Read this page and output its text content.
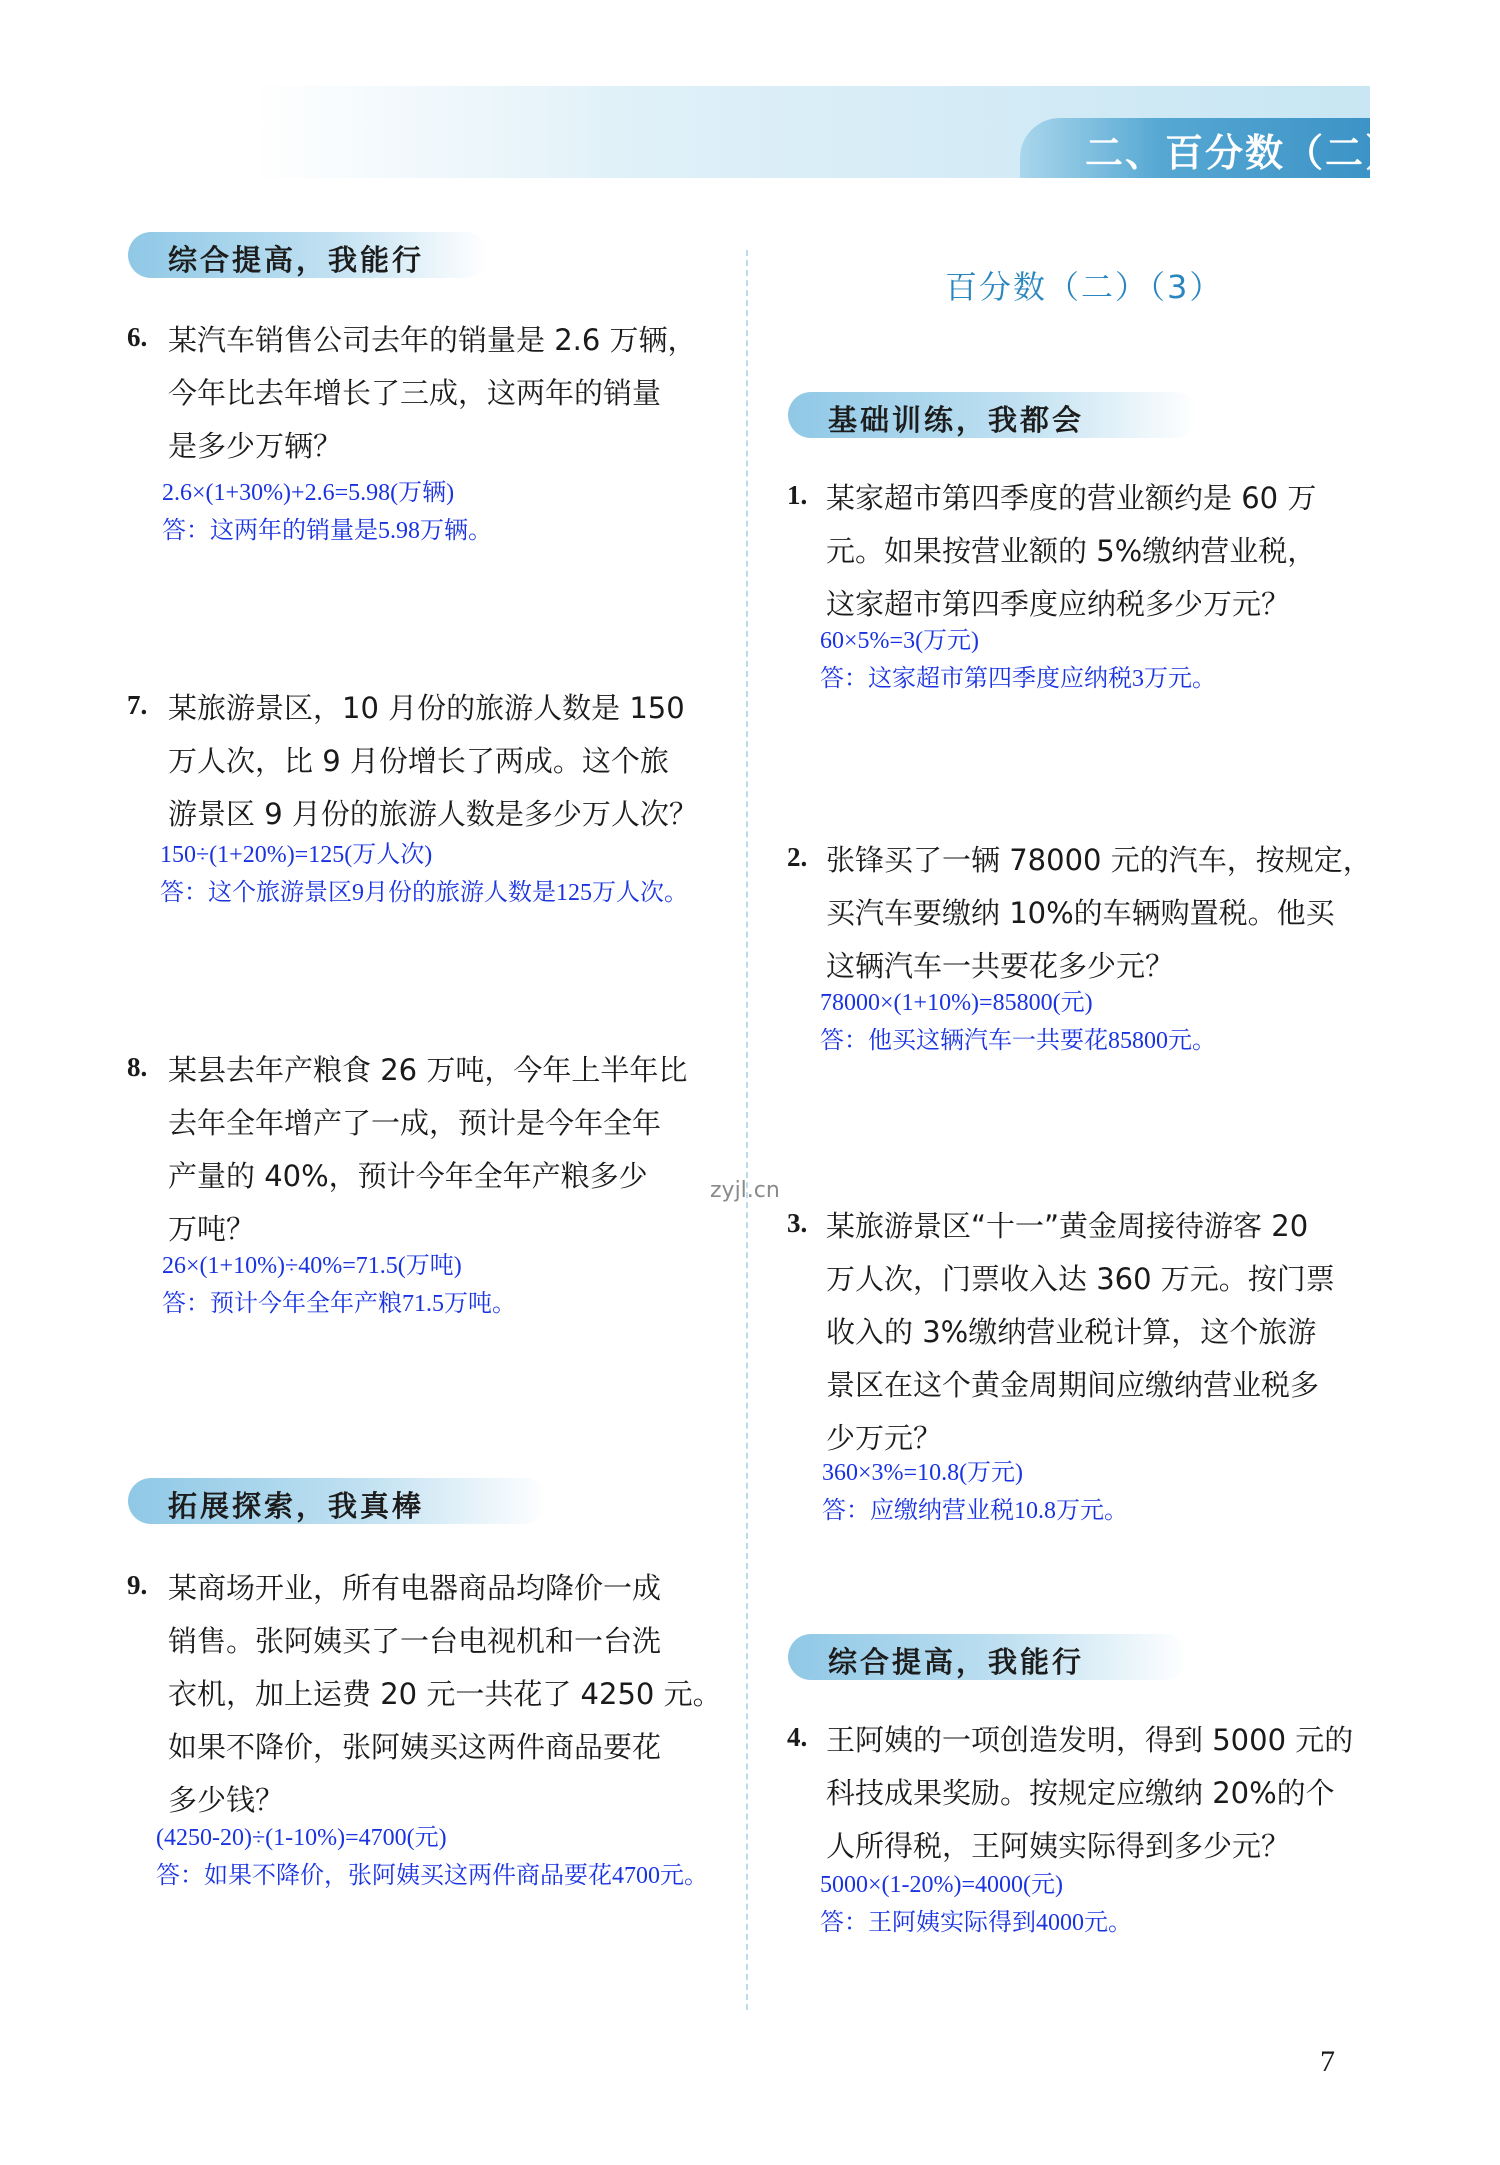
二、百分数（二）
综合提高，我能行
6. 某汽车销售公司去年的销量是 2.6 万辆，
今年比去年增长了三成，这两年的销量
是多少万辆？
2.6×(1+30%)+2.6=5.98(万辆)
答：这两年的销量是5.98万辆。
7. 某旅游景区，10 月份的旅游人数是 150
万人次，比 9 月份增长了两成。这个旅
游景区 9 月份的旅游人数是多少万人次？
150÷(1+20%)=125(万人次)
答：这个旅游景区9月份的旅游人数是125万人次。
8. 某县去年产粮食 26 万吨，今年上半年比
去年全年增产了一成，预计是今年全年
产量的 40%，预计今年全年产粮多少
万吨？
26×(1+10%)÷40%=71.5(万吨)
答：预计今年全年产粮71.5万吨。
拓展探索，我真棒
9. 某商场开业，所有电器商品均降价一成
销售。张阿姨买了一台电视机和一台洗
衣机，加上运费 20 元一共花了 4250 元。
如果不降价，张阿姨买这两件商品要花
多少钱？
(4250-20)÷(1-10%)=4700(元)
答：如果不降价，张阿姨买这两件商品要花4700元。
百分数（二）（3）
基础训练，我都会
1. 某家超市第四季度的营业额约是 60 万
元。如果按营业额的 5%缴纳营业税，
这家超市第四季度应纳税多少万元？
60×5%=3(万元)
答：这家超市第四季度应纳税3万元。
2. 张锋买了一辆 78000 元的汽车，按规定，
买汽车要缴纳 10%的车辆购置税。他买
这辆汽车一共要花多少元？
78000×(1+10%)=85800(元)
答：他买这辆汽车一共要花85800元。
zyjl.cn
3. 某旅游景区“十一”黄金周接待游客 20
万人次，门票收入达 360 万元。按门票
收入的 3%缴纳营业税计算，这个旅游
景区在这个黄金周期间应缴纳营业税多
少万元？
360×3%=10.8(万元)
答：应缴纳营业税10.8万元。
综合提高，我能行
4. 王阿姨的一项创造发明，得到 5000 元的
科技成果奖励。按规定应缴纳 20%的个
人所得税，王阿姨实际得到多少元？
5000×(1-20%)=4000(元)
答：王阿姨实际得到4000元。
7
